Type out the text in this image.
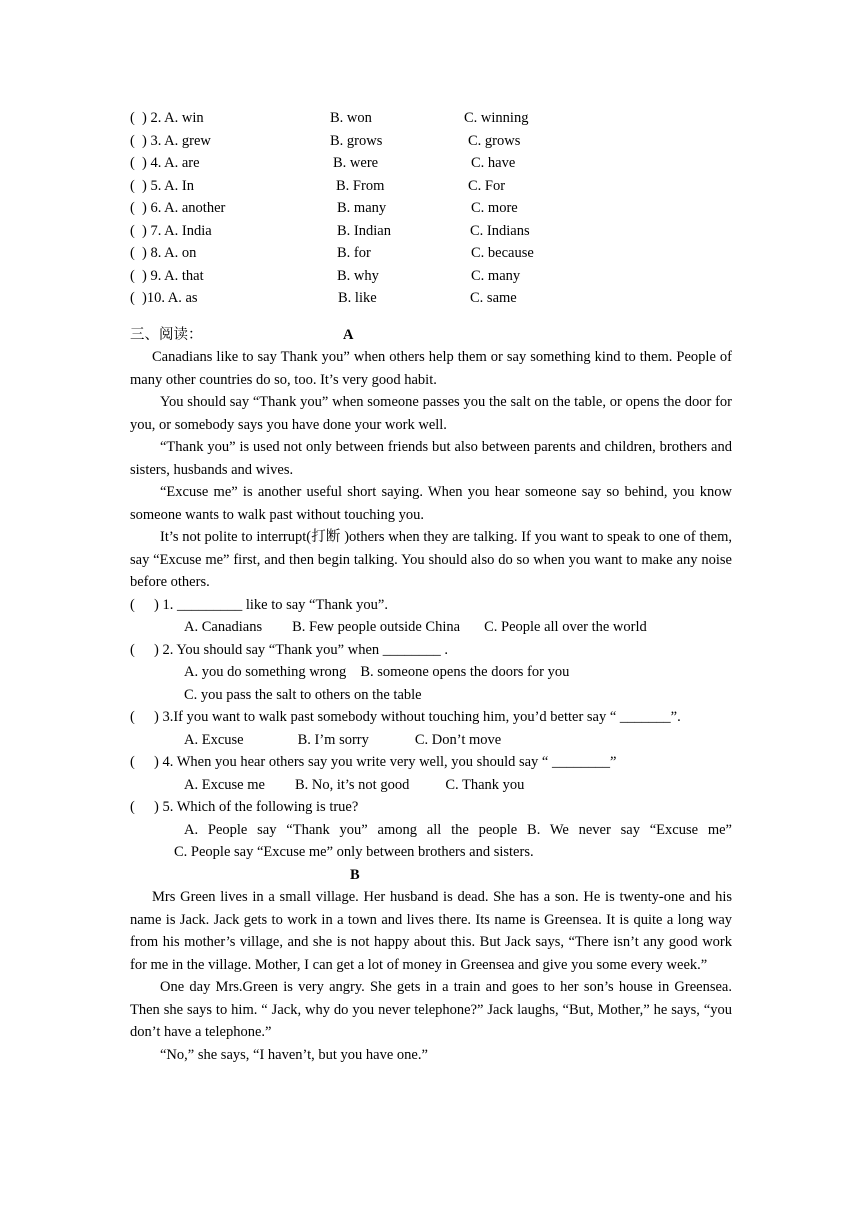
( ) 2. A. win	B. won	C. winning
( ) 3. A. grew	B. grows	C. grows
( ) 4. A. are	B. were	C. have
( ) 5. A. In	B. From	C. For
( ) 6. A. another	B. many	C. more
( ) 7. A. India	B. Indian	C. Indians
( ) 8. A. on	B. for	C. because
( ) 9. A. that	B. why	C. many
( )10. A. as	B. like	C. same
三、阅读：	A

Canadians like to say Thank you” when others help them or say something kind to them. People of many other countries do so, too. It’s very good habit.

You should say “Thank you” when someone passes you the salt on the table, or opens the door for you, or somebody says you have done your work well.

“Thank you” is used not only between friends but also between parents and children, brothers and sisters, husbands and wives.

“Excuse me” is another useful short saying. When you hear someone say so behind, you know someone wants to walk past without touching you.

It’s not polite to interrupt(打断 )others when they are talking. If you want to speak to one of them, say “Excuse me” first, and then begin talking. You should also do so when you want to make any noise before others.

( ) 1. _________ like to say “Thank you”.
A. Canadians B. Few people outside China C. People all over the world
( ) 2. You should say “Thank you” when ________ .
A. you do something wrong B. someone opens the doors for you
C. you pass the salt to others on the table
( ) 3.If you want to walk past somebody without touching him, you’d better say “ _______”.
A. Excuse	B. I’m sorry	C. Don’t move
( ) 4. When you hear others say you write very well, you should say “ ________”
A. Excuse me B. No, it’s not good C. Thank you
( ) 5. Which of the following is true?
A. People say “Thank you” among all the people B. We never say “Excuse me”
C. People say “Excuse me” only between brothers and sisters.
B

Mrs Green lives in a small village. Her husband is dead. She has a son. He is twenty-one and his name is Jack. Jack gets to work in a town and lives there. Its name is Greensea. It is quite a long way from his mother’s village, and she is not happy about this. But Jack says, “There isn’t any good work for me in the village. Mother, I can get a lot of money in Greensea and give you some every week.”

One day Mrs.Green is very angry. She gets in a train and goes to her son’s house in Greensea. Then she says to him. “ Jack, why do you never telephone?” Jack laughs, “But, Mother,” he says, “you don’t have a telephone.”

“No,” she says, “I haven’t, but you have one.”
